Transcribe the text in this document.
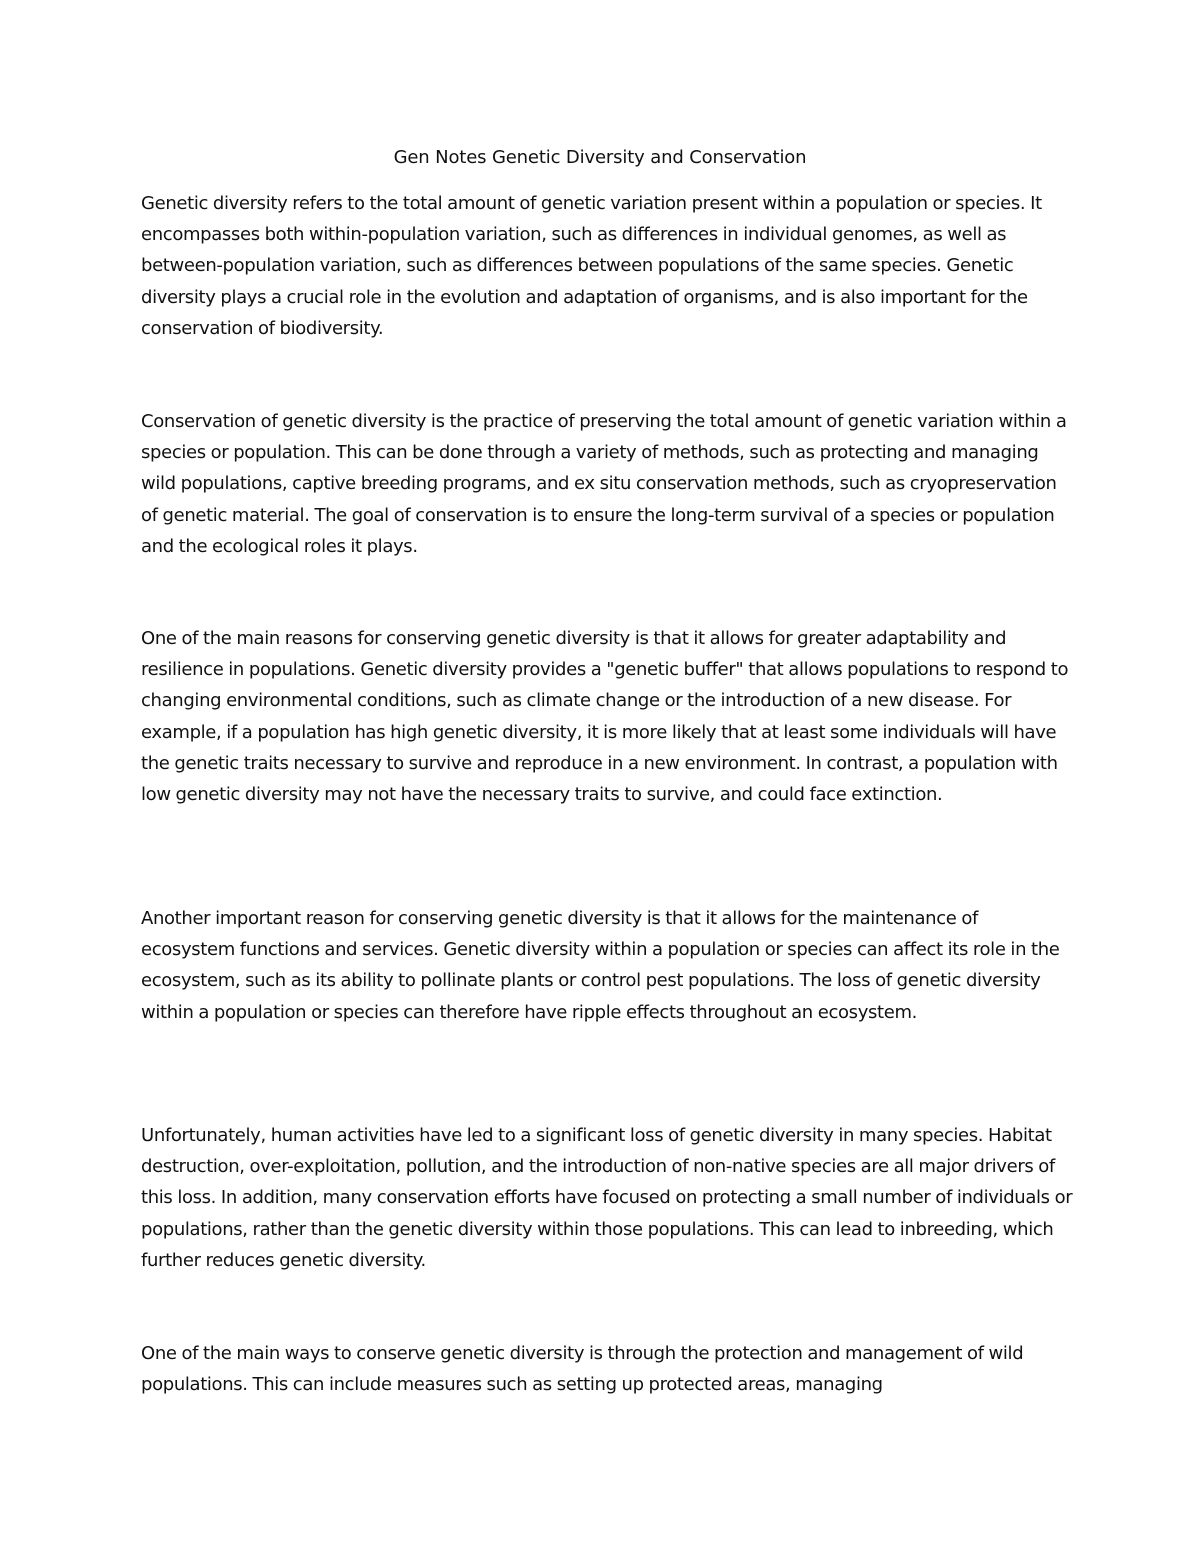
Gen Notes Genetic Diversity and Conservation

Genetic diversity refers to the total amount of genetic variation present within a population or species. It encompasses both within-population variation, such as differences in individual genomes, as well as between-population variation, such as differences between populations of the same species. Genetic diversity plays a crucial role in the evolution and adaptation of organisms, and is also important for the conservation of biodiversity.

Conservation of genetic diversity is the practice of preserving the total amount of genetic variation within a species or population. This can be done through a variety of methods, such as protecting and managing wild populations, captive breeding programs, and ex situ conservation methods, such as cryopreservation of genetic material. The goal of conservation is to ensure the long-term survival of a species or population and the ecological roles it plays.

One of the main reasons for conserving genetic diversity is that it allows for greater adaptability and resilience in populations. Genetic diversity provides a "genetic buffer" that allows populations to respond to changing environmental conditions, such as climate change or the introduction of a new disease. For example, if a population has high genetic diversity, it is more likely that at least some individuals will have the genetic traits necessary to survive and reproduce in a new environment. In contrast, a population with low genetic diversity may not have the necessary traits to survive, and could face extinction.

Another important reason for conserving genetic diversity is that it allows for the maintenance of ecosystem functions and services. Genetic diversity within a population or species can affect its role in the ecosystem, such as its ability to pollinate plants or control pest populations. The loss of genetic diversity within a population or species can therefore have ripple effects throughout an ecosystem.

Unfortunately, human activities have led to a significant loss of genetic diversity in many species. Habitat destruction, over-exploitation, pollution, and the introduction of non-native species are all major drivers of this loss. In addition, many conservation efforts have focused on protecting a small number of individuals or populations, rather than the genetic diversity within those populations. This can lead to inbreeding, which further reduces genetic diversity.

One of the main ways to conserve genetic diversity is through the protection and management of wild populations. This can include measures such as setting up protected areas, managing
